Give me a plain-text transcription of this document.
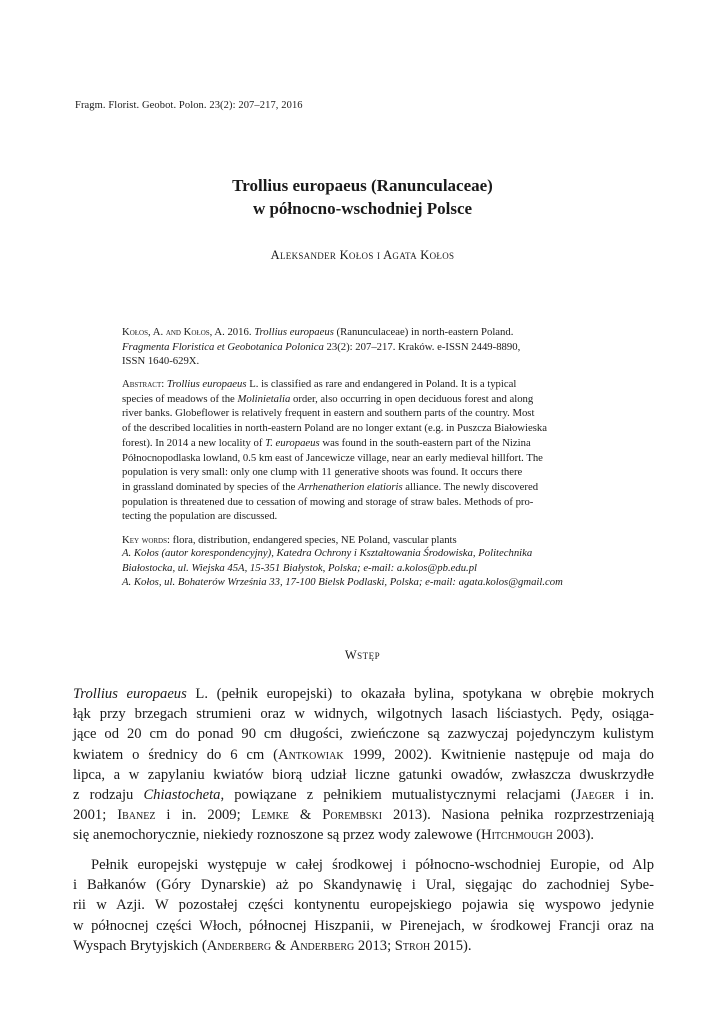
Fragm. Florist. Geobot. Polon. 23(2): 207–217, 2016
Trollius europaeus (Ranunculaceae)
w północno-wschodniej Polsce
Aleksander Kołos i Agata Kołos
Kołos, A. and Kołos, A. 2016. Trollius europaeus (Ranunculaceae) in north-eastern Poland.
Fragmenta Floristica et Geobotanica Polonica 23(2): 207–217. Kraków. e-ISSN 2449-8890,
ISSN 1640-629X.
Abstract: Trollius europaeus L. is classified as rare and endangered in Poland. It is a typical
species of meadows of the Molinietalia order, also occurring in open deciduous forest and along
river banks. Globeflower is relatively frequent in eastern and southern parts of the country. Most
of the described localities in north-eastern Poland are no longer extant (e.g. in Puszcza Białowieska
forest). In 2014 a new locality of T. europaeus was found in the south-eastern part of the Nizina
Północnopodlaska lowland, 0.5 km east of Jancewicze village, near an early medieval hillfort. The
population is very small: only one clump with 11 generative shoots was found. It occurs there
in grassland dominated by species of the Arrhenatherion elatioris alliance. The newly discovered
population is threatened due to cessation of mowing and storage of straw bales. Methods of pro-
tecting the population are discussed.
Key words: flora, distribution, endangered species, NE Poland, vascular plants
A. Kołos (autor korespondencyjny), Katedra Ochrony i Kształtowania Środowiska, Politechnika
Białostocka, ul. Wiejska 45A, 15-351 Białystok, Polska; e-mail: a.kolos@pb.edu.pl
A. Kołos, ul. Bohaterów Września 33, 17-100 Bielsk Podlaski, Polska; e-mail: agata.kolos@gmail.com
Wstęp
Trollius europaeus L. (pełnik europejski) to okazała bylina, spotykana w obrębie mokrych
łąk przy brzegach strumieni oraz w widnych, wilgotnych lasach liściastych. Pędy, osiąga-
jące od 20 cm do ponad 90 cm długości, zwieńczone są zazwyczaj pojedynczym kulistym
kwiatem o średnicy do 6 cm (Antkowiak 1999, 2002). Kwitnienie następuje od maja do
lipca, a w zapylaniu kwiatów biorą udział liczne gatunki owadów, zwłaszcza dwuskrzydłe
z rodzaju Chiastocheta, powiązane z pełnikiem mutualistycznymi relacjami (Jaeger i in.
2001; Ibanez i in. 2009; Lemke & Porembski 2013). Nasiona pełnika rozprzestrzeniają
się anemochorycznie, niekiedy roznoszone są przez wody zalewowe (Hitchmough 2003).
Pełnik europejski występuje w całej środkowej i północno-wschodniej Europie, od Alp
i Bałkanów (Góry Dynarskie) aż po Skandynawię i Ural, sięgając do zachodniej Sybe-
rii w Azji. W pozostałej części kontynentu europejskiego pojawia się wyspowo jedynie
w północnej części Włoch, północnej Hiszpanii, w Pirenejach, w środkowej Francji oraz na
Wyspach Brytyjskich (Anderberg & Anderberg 2013; Stroh 2015).
